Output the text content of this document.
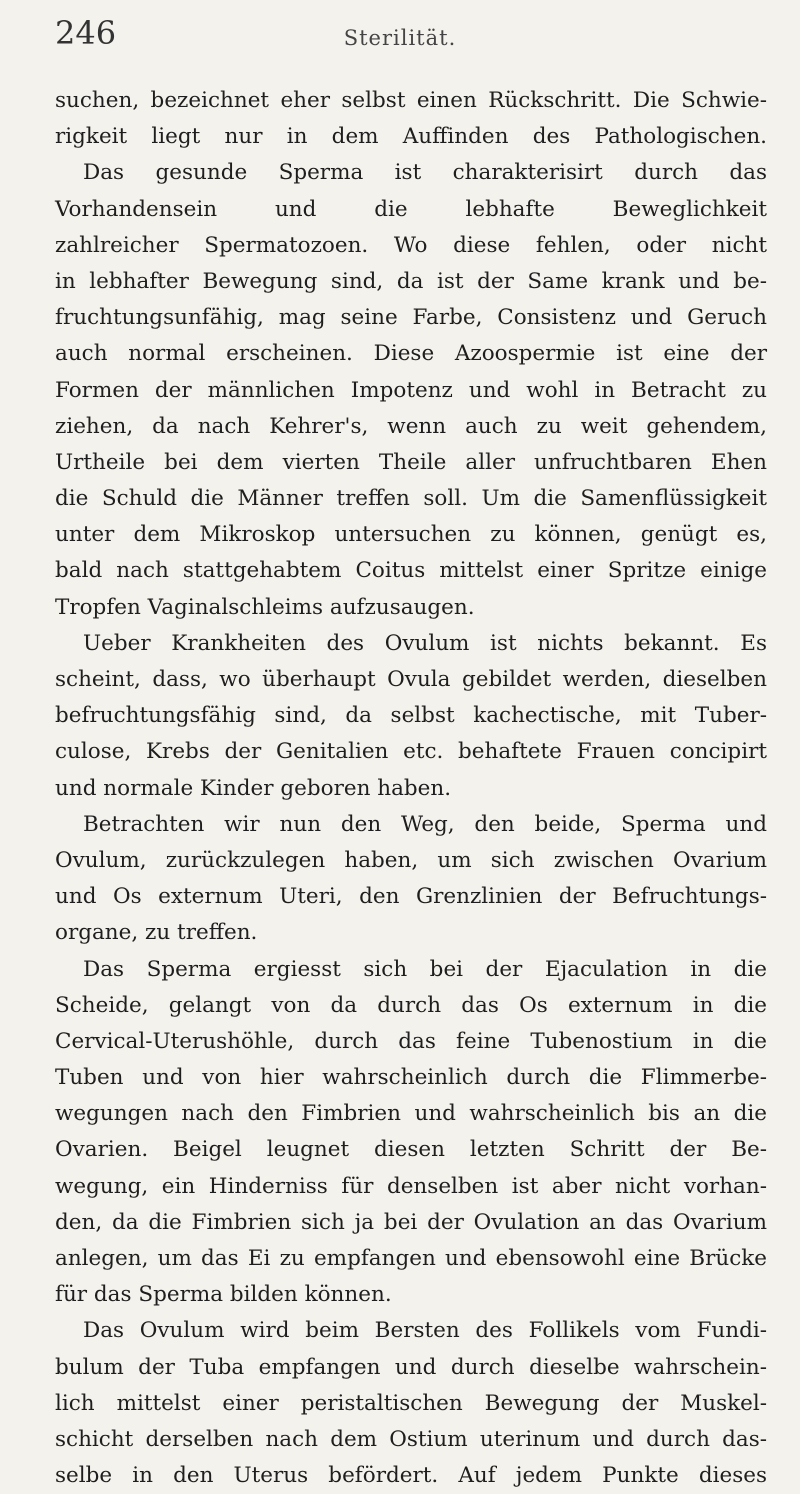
246	Sterilität.
suchen, bezeichnet eher selbst einen Rückschritt. Die Schwie-
rigkeit liegt nur in dem Auffinden des Pathologischen.
Das gesunde Sperma ist charakterisirt durch das
Vorhandensein und die lebhafte Beweglichkeit
zahlreicher Spermatozoen. Wo diese fehlen, oder nicht
in lebhafter Bewegung sind, da ist der Same krank und be-
fruchtungsunfähig, mag seine Farbe, Consistenz und Geruch
auch normal erscheinen. Diese Azoospermie ist eine der
Formen der männlichen Impotenz und wohl in Betracht zu
ziehen, da nach Kehrer's, wenn auch zu weit gehendem,
Urtheile bei dem vierten Theile aller unfruchtbaren Ehen
die Schuld die Männer treffen soll. Um die Samenflüssigkeit
unter dem Mikroskop untersuchen zu können, genügt es,
bald nach stattgehabtem Coitus mittelst einer Spritze einige
Tropfen Vaginalschleims aufzusaugen.
Ueber Krankheiten des Ovulum ist nichts bekannt. Es
scheint, dass, wo überhaupt Ovula gebildet werden, dieselben
befruchtungsfähig sind, da selbst kachectische, mit Tuber-
culose, Krebs der Genitalien etc. behaftete Frauen concipirt
und normale Kinder geboren haben.
Betrachten wir nun den Weg, den beide, Sperma und
Ovulum, zurückzulegen haben, um sich zwischen Ovarium
und Os externum Uteri, den Grenzlinien der Befruchtungs-
organe, zu treffen.
Das Sperma ergiesst sich bei der Ejaculation in die
Scheide, gelangt von da durch das Os externum in die
Cervical-Uterushöhle, durch das feine Tubenostium in die
Tuben und von hier wahrscheinlich durch die Flimmerbe-
wegungen nach den Fimbrien und wahrscheinlich bis an die
Ovarien. Beigel leugnet diesen letzten Schritt der Be-
wegung, ein Hinderniss für denselben ist aber nicht vorhan-
den, da die Fimbrien sich ja bei der Ovulation an das Ovarium
anlegen, um das Ei zu empfangen und ebensowohl eine Brücke
für das Sperma bilden können.
Das Ovulum wird beim Bersten des Follikels vom Fundi-
bulum der Tuba empfangen und durch dieselbe wahrschein-
lich mittelst einer peristaltischen Bewegung der Muskel-
schicht derselben nach dem Ostium uterinum und durch das-
selbe in den Uterus befördert. Auf jedem Punkte dieses
